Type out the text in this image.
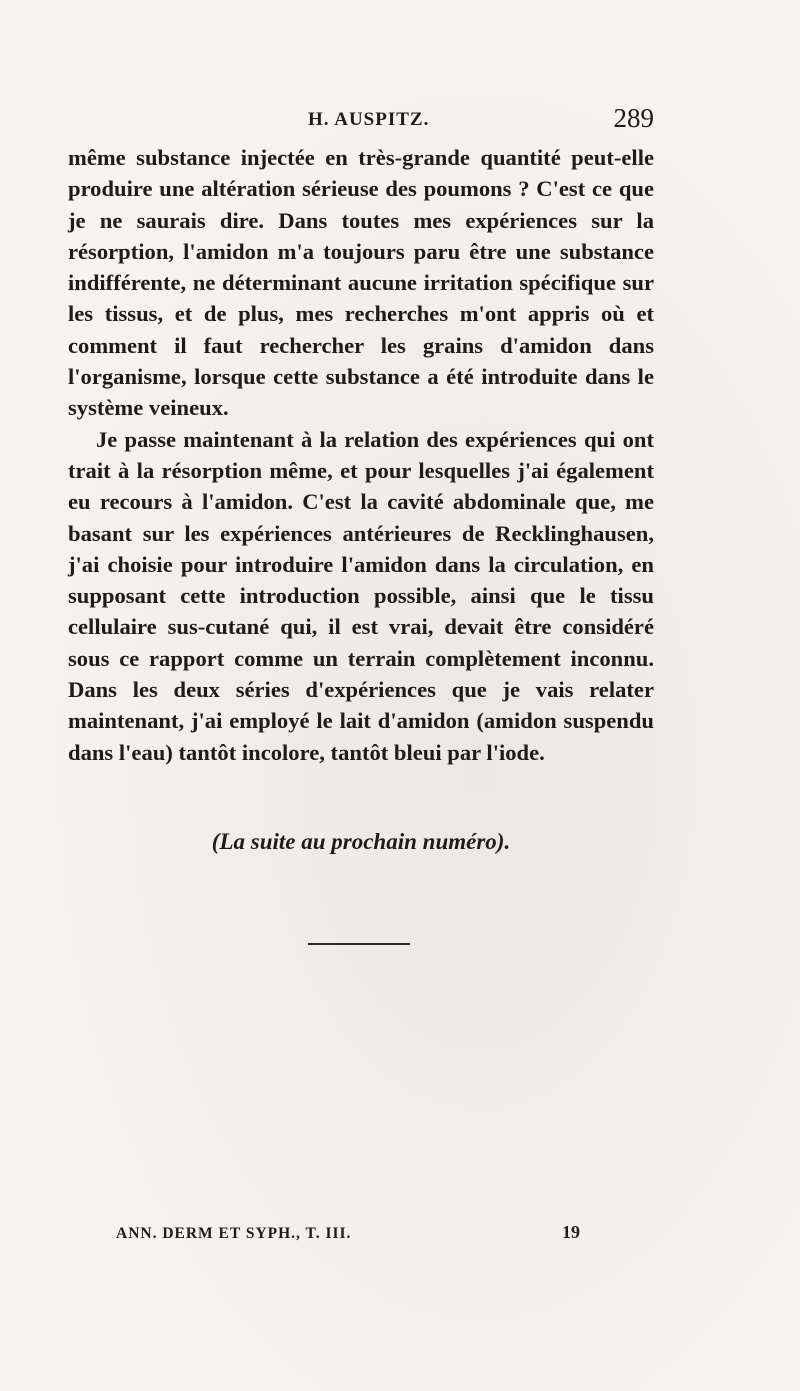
H. AUSPITZ.	289

même substance injectée en très-grande quantité peut-elle produire une altération sérieuse des poumons ? C'est ce que je ne saurais dire. Dans toutes mes expériences sur la résorption, l'amidon m'a toujours paru être une substance indifférente, ne déterminant aucune irritation spécifique sur les tissus, et de plus, mes recherches m'ont appris où et comment il faut rechercher les grains d'amidon dans l'organisme, lorsque cette substance a été introduite dans le système veineux.

Je passe maintenant à la relation des expériences qui ont trait à la résorption même, et pour lesquelles j'ai également eu recours à l'amidon. C'est la cavité abdominale que, me basant sur les expériences antérieures de Recklinghausen, j'ai choisie pour introduire l'amidon dans la circulation, en supposant cette introduction possible, ainsi que le tissu cellulaire sus-cutané qui, il est vrai, devait être considéré sous ce rapport comme un terrain complètement inconnu. Dans les deux séries d'expériences que je vais relater maintenant, j'ai employé le lait d'amidon (amidon suspendu dans l'eau) tantôt incolore, tantôt bleui par l'iode.

(La suite au prochain numéro).
ANN. DERM ET SYPH., T. III.	19
